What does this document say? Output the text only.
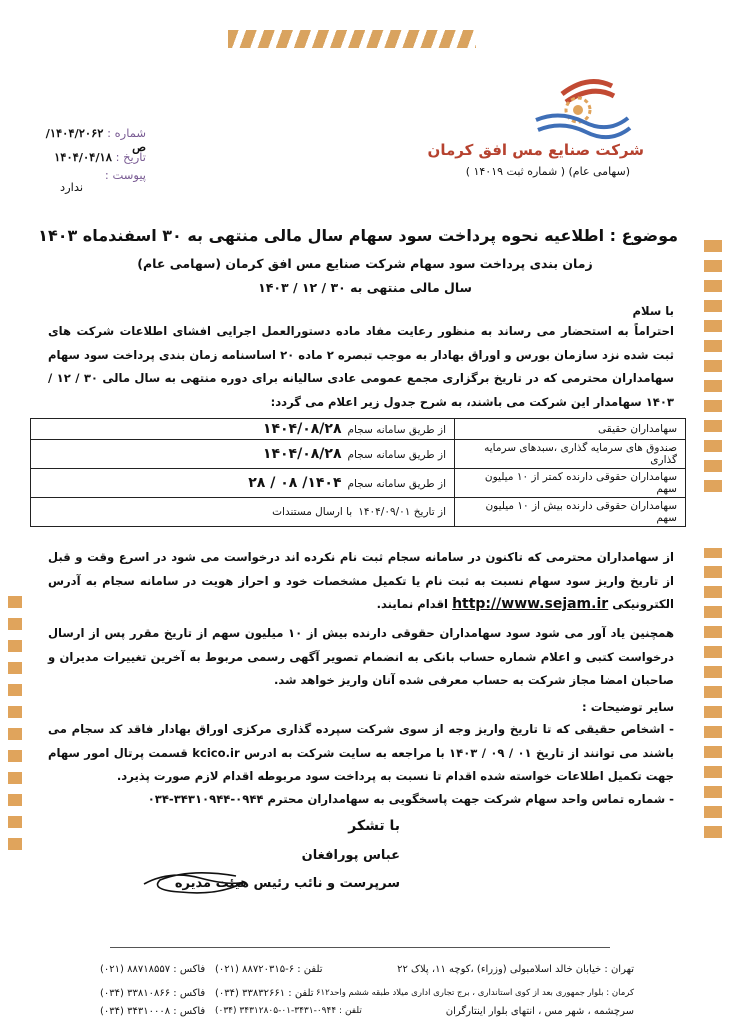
شرکت صنایع مس افق کرمان
(سهامی عام) ( شماره ثبت ۱۴۰۱۹ )
شماره : ۱۴۰۴/۲۰۶۲/ص
تاریخ : ۱۴۰۴/۰۴/۱۸
پیوست :
ندارد
موضوع : اطلاعیه نحوه پرداخت سود سهام سال مالی منتهی به ۳۰ اسفندماه ۱۴۰۳
زمان بندی پرداخت سود سهام شرکت صنایع مس افق کرمان (سهامی عام)
سال مالی منتهی به ۳۰ / ۱۲ / ۱۴۰۳
با سلام
احتراماً به استحضار می رساند به منظور رعایت مفاد ماده دستورالعمل اجرایی افشای اطلاعات شرکت های ثبت شده نزد سازمان بورس و اوراق بهادار به موجب تبصره ۲ ماده ۲۰ اساسنامه زمان بندی پرداخت سود سهام سهامداران محترمی که در تاریخ برگزاری مجمع عمومی عادی سالیانه برای دوره منتهی به سال مالی ۳۰ / ۱۲ / ۱۴۰۳ سهامدار این شرکت می باشند، به شرح جدول زیر اعلام می گردد:
سهامداران حقیقی	از طریق سامانه سجام۱۴۰۴/۰۸/۲۸
صندوق های سرمایه گذاری ،سبدهای سرمایه گذاری	از طریق سامانه سجام۱۴۰۴/۰۸/۲۸
سهامداران حقوقی دارنده کمتر از ۱۰ میلیون سهم	از طریق سامانه سجام۱۴۰۴/ ۰۸ / ۲۸
سهامداران حقوقی دارنده بیش از ۱۰ میلیون سهم	از تاریخ ۱۴۰۴/۰۹/۰۱با ارسال مستندات
از سهامداران محترمی که تاکنون در سامانه سجام ثبت نام نکرده اند درخواست می شود در اسرع وقت و قبل از تاریخ واریز سود سهام نسبت به ثبت نام یا تکمیل مشخصات خود و احراز هویت در سامانه سجام به آدرس الکترونیکی http://www.sejam.ir اقدام نمایند.
همچنین یاد آور می شود سود سهامداران حقوقی دارنده بیش از ۱۰ میلیون سهم از تاریخ مقرر پس از ارسال درخواست کتبی و اعلام شماره حساب بانکی به انضمام تصویر آگهی رسمی مربوط به آخرین تغییرات مدیران و صاحبان امضا مجاز شرکت به حساب معرفی شده آنان واریز خواهد شد.
سایر توضیحات :
- اشخاص حقیقی که تا تاریخ واریز وجه از سوی شرکت سپرده گذاری مرکزی اوراق بهادار فاقد کد سجام می باشند می توانند از تاریخ ۰۱ / ۰۹ / ۱۴۰۳ با مراجعه به سایت شرکت به ادرس kcico.ir قسمت پرتال امور سهام جهت تکمیل اطلاعات خواسته شده اقدام تا نسبت به پرداخت سود مربوطه اقدام لازم صورت پذیرد.
- شماره تماس واحد سهام شرکت جهت پاسخگویی به سهامداران محترم ۰۹۴۴-۳۴۳۱۰۹۴۴-۰۳۴
با تشکر
عباس پورافغان
سرپرست و نائب رئیس هیئت مدیره
تهران : خیابان خالد اسلامبولی (وزراء) ،کوچه ۱۱، پلاک ۲۲
تلفن : ۶-۸۸۷۲۰۳۱۵ (۰۲۱)
فاکس : ۸۸۷۱۸۵۵۷ (۰۲۱)
کرمان : بلوار جمهوری بعد از کوی استانداری ، برج تجاری اداری میلاد طبقه ششم واحد۶۱۲
تلفن : ۳۳۸۳۲۶۶۱ (۰۳۴)
فاکس : ۳۳۸۱۰۸۶۶ (۰۳۴)
سرچشمه ، شهر مس ، انتهای بلوار اینتارگران
تلفن : ۰۹۴۴-۳۴۳۱-۰۱-۳۴۳۱۲۸۰۵ (۰۳۴)
فاکس : ۳۴۳۱۰۰۰۸ (۰۳۴)
